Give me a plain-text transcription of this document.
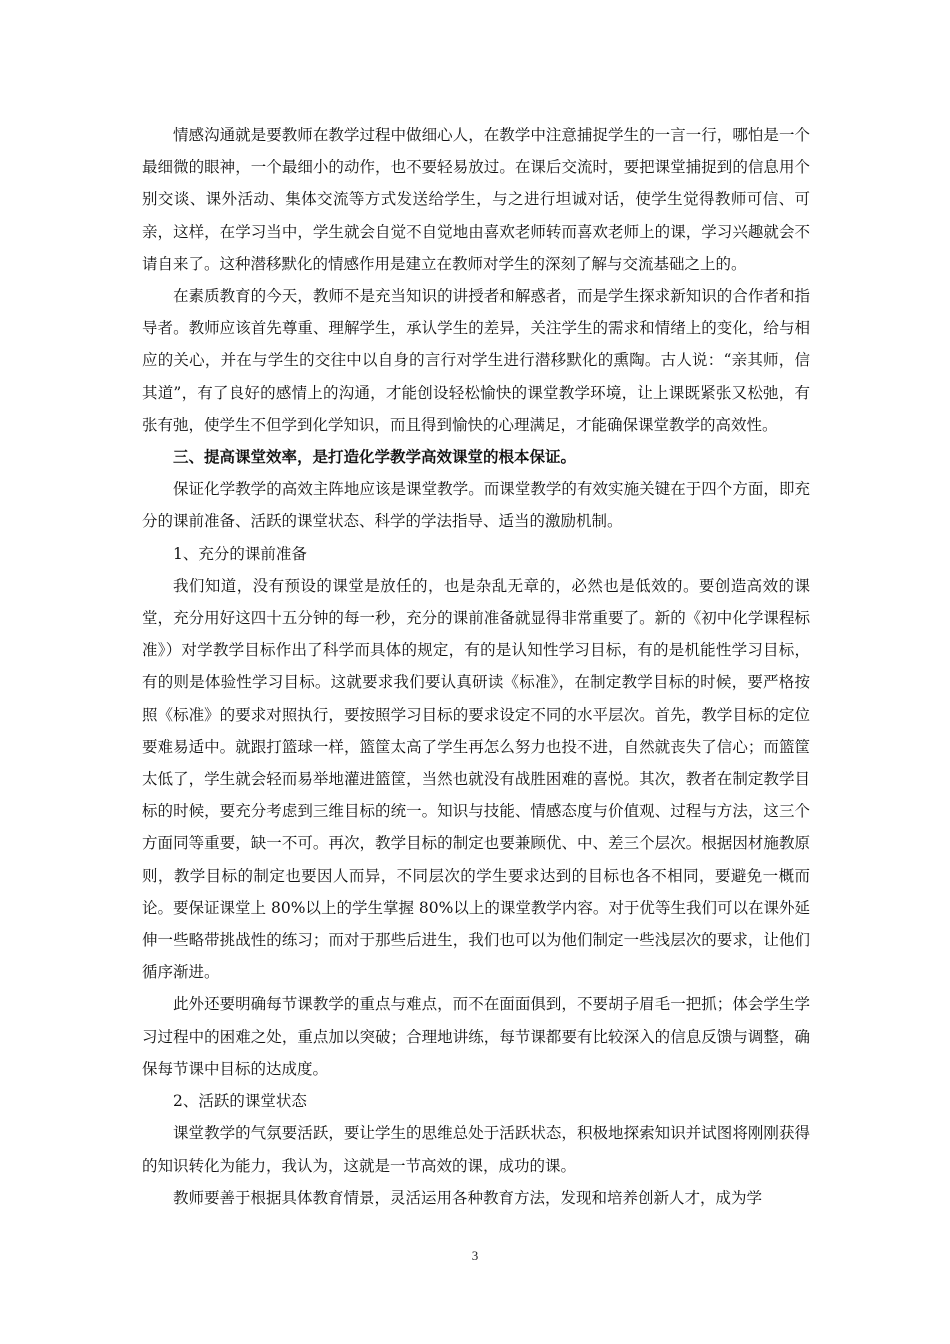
情感沟通就是要教师在教学过程中做细心人，在教学中注意捕捉学生的一言一行，哪怕是一个最细微的眼神，一个最细小的动作，也不要轻易放过。在课后交流时，要把课堂捕捉到的信息用个别交谈、课外活动、集体交流等方式发送给学生，与之进行坦诚对话，使学生觉得教师可信、可亲，这样，在学习当中，学生就会自觉不自觉地由喜欢老师转而喜欢老师上的课，学习兴趣就会不请自来了。这种潜移默化的情感作用是建立在教师对学生的深刻了解与交流基础之上的。

在素质教育的今天，教师不是充当知识的讲授者和解惑者，而是学生探求新知识的合作者和指导者。教师应该首先尊重、理解学生，承认学生的差异，关注学生的需求和情绪上的变化，给与相应的关心，并在与学生的交往中以自身的言行对学生进行潜移默化的熏陶。古人说：“亲其师，信其道”，有了良好的感情上的沟通，才能创设轻松愉快的课堂教学环境，让上课既紧张又松弛，有张有弛，使学生不但学到化学知识，而且得到愉快的心理满足，才能确保课堂教学的高效性。

三、提高课堂效率，是打造化学教学高效课堂的根本保证。

保证化学教学的高效主阵地应该是课堂教学。而课堂教学的有效实施关键在于四个方面，即充分的课前准备、活跃的课堂状态、科学的学法指导、适当的激励机制。

1、充分的课前准备

我们知道，没有预设的课堂是放任的，也是杂乱无章的，必然也是低效的。要创造高效的课堂，充分用好这四十五分钟的每一秒，充分的课前准备就显得非常重要了。新的《初中化学课程标准》）对学教学目标作出了科学而具体的规定，有的是认知性学习目标，有的是机能性学习目标，有的则是体验性学习目标。这就要求我们要认真研读《标准》，在制定教学目标的时候，要严格按照《标准》的要求对照执行，要按照学习目标的要求设定不同的水平层次。首先，教学目标的定位要难易适中。就跟打篮球一样，篮筐太高了学生再怎么努力也投不进，自然就丧失了信心；而篮筐太低了，学生就会轻而易举地灌进篮筐，当然也就没有战胜困难的喜悦。其次，教者在制定教学目标的时候，要充分考虑到三维目标的统一。知识与技能、情感态度与价值观、过程与方法，这三个方面同等重要，缺一不可。再次，教学目标的制定也要兼顾优、中、差三个层次。根据因材施教原则，教学目标的制定也要因人而异，不同层次的学生要求达到的目标也各不相同，要避免一概而论。要保证课堂上 80%以上的学生掌握 80%以上的课堂教学内容。对于优等生我们可以在课外延伸一些略带挑战性的练习；而对于那些后进生，我们也可以为他们制定一些浅层次的要求，让他们循序渐进。

此外还要明确每节课教学的重点与难点，而不在面面俱到，不要胡子眉毛一把抓；体会学生学习过程中的困难之处，重点加以突破；合理地讲练，每节课都要有比较深入的信息反馈与调整，确保每节课中目标的达成度。

2、活跃的课堂状态

课堂教学的气氛要活跃，要让学生的思维总处于活跃状态，积极地探索知识并试图将刚刚获得的知识转化为能力，我认为，这就是一节高效的课，成功的课。

教师要善于根据具体教育情景，灵活运用各种教育方法，发现和培养创新人才，成为学

3
